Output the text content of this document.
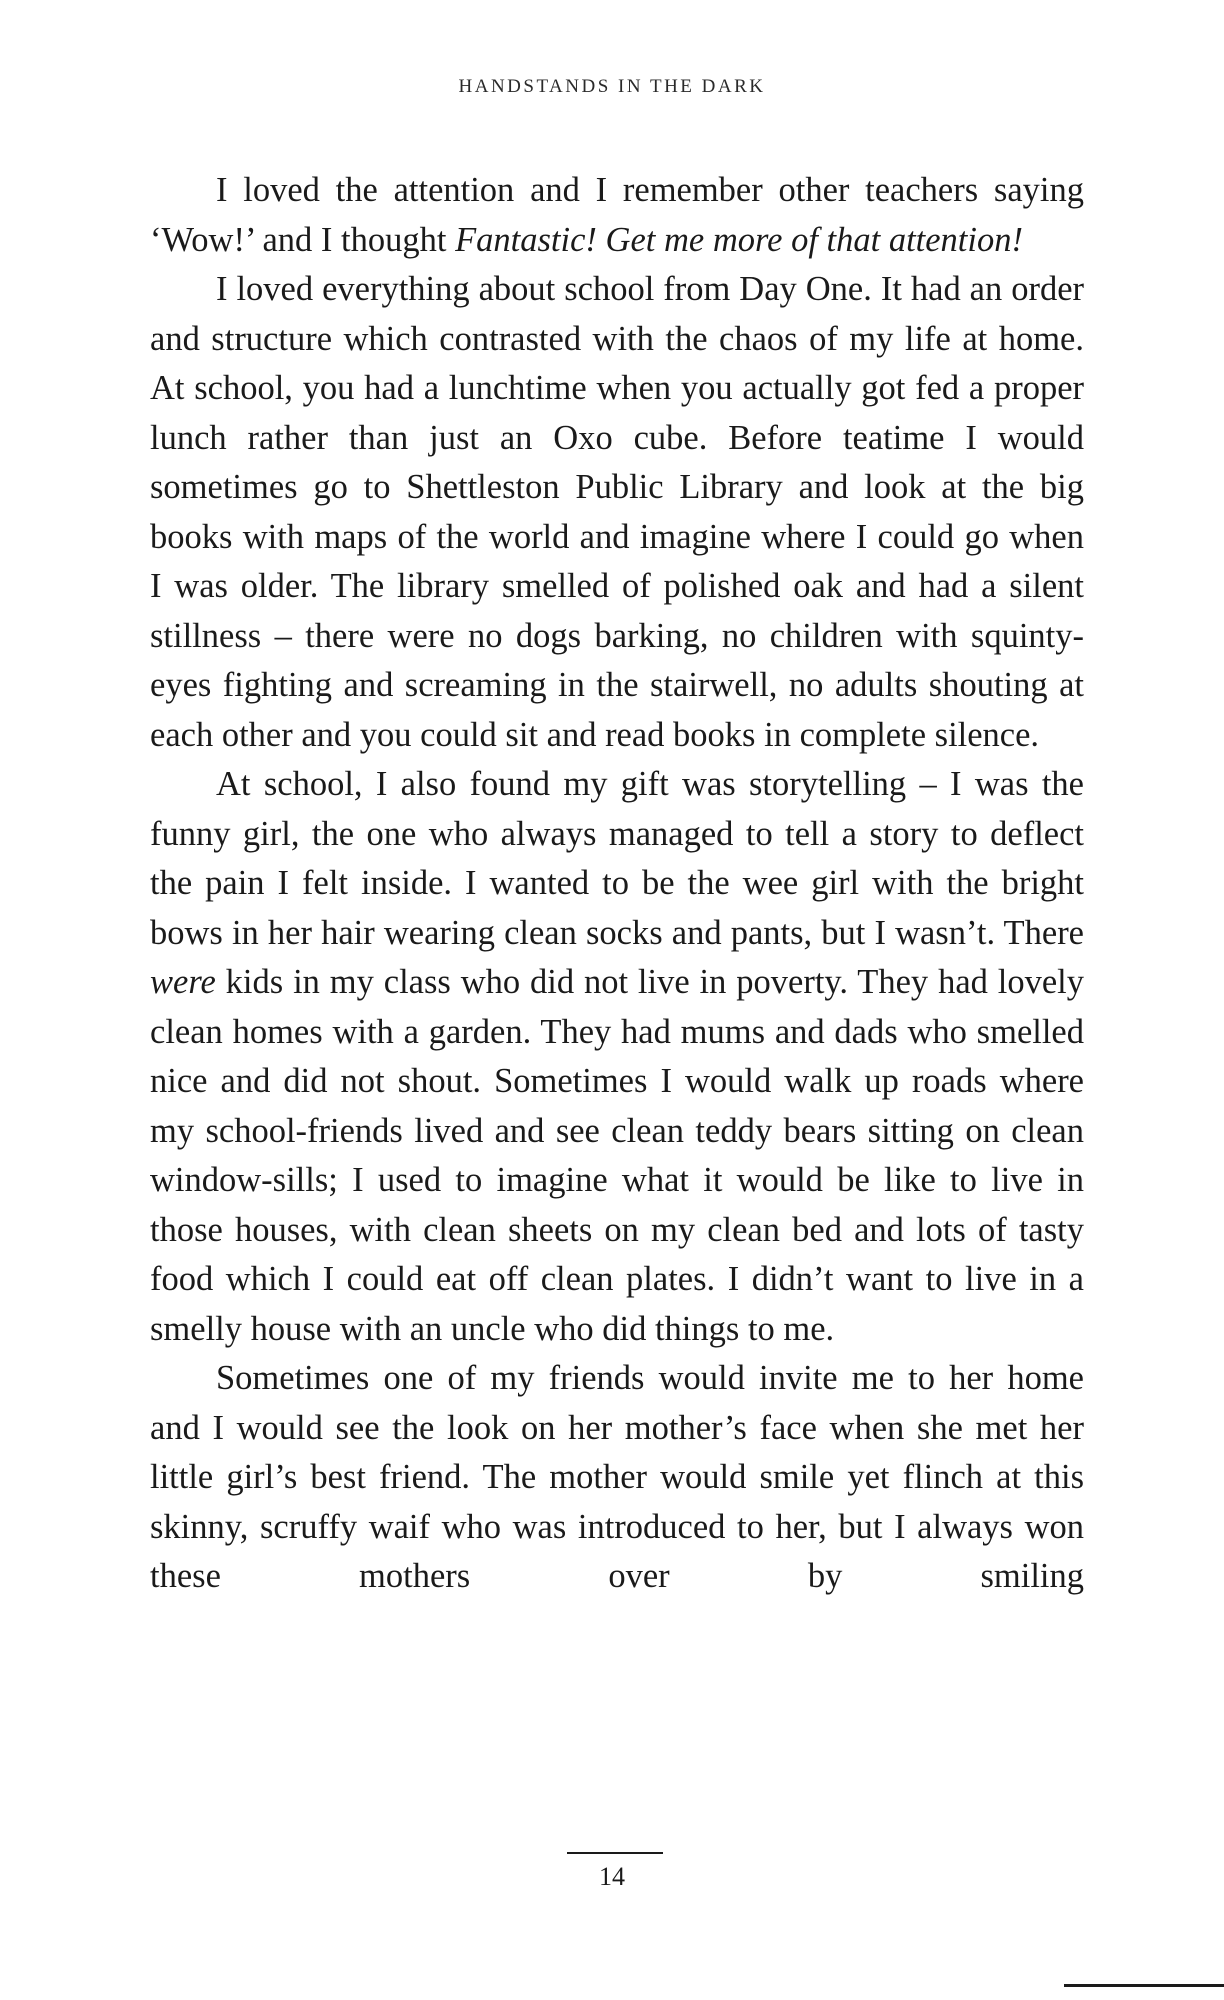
HANDSTANDS IN THE DARK

I loved the attention and I remember other teachers saying ‘Wow!’ and I thought Fantastic! Get me more of that attention!

I loved everything about school from Day One. It had an order and structure which contrasted with the chaos of my life at home. At school, you had a lunchtime when you actually got fed a proper lunch rather than just an Oxo cube. Before teatime I would sometimes go to Shettleston Public Library and look at the big books with maps of the world and imagine where I could go when I was older. The library smelled of polished oak and had a silent stillness – there were no dogs barking, no children with squinty-eyes fighting and screaming in the stairwell, no adults shouting at each other and you could sit and read books in complete silence.

At school, I also found my gift was storytelling – I was the funny girl, the one who always managed to tell a story to deflect the pain I felt inside. I wanted to be the wee girl with the bright bows in her hair wearing clean socks and pants, but I wasn’t. There were kids in my class who did not live in poverty. They had lovely clean homes with a garden. They had mums and dads who smelled nice and did not shout. Sometimes I would walk up roads where my school-friends lived and see clean teddy bears sitting on clean window-sills; I used to imagine what it would be like to live in those houses, with clean sheets on my clean bed and lots of tasty food which I could eat off clean plates. I didn’t want to live in a smelly house with an uncle who did things to me.

Sometimes one of my friends would invite me to her home and I would see the look on her mother’s face when she met her little girl’s best friend. The mother would smile yet flinch at this skinny, scruffy waif who was introduced to her, but I always won these mothers over by smiling

14
